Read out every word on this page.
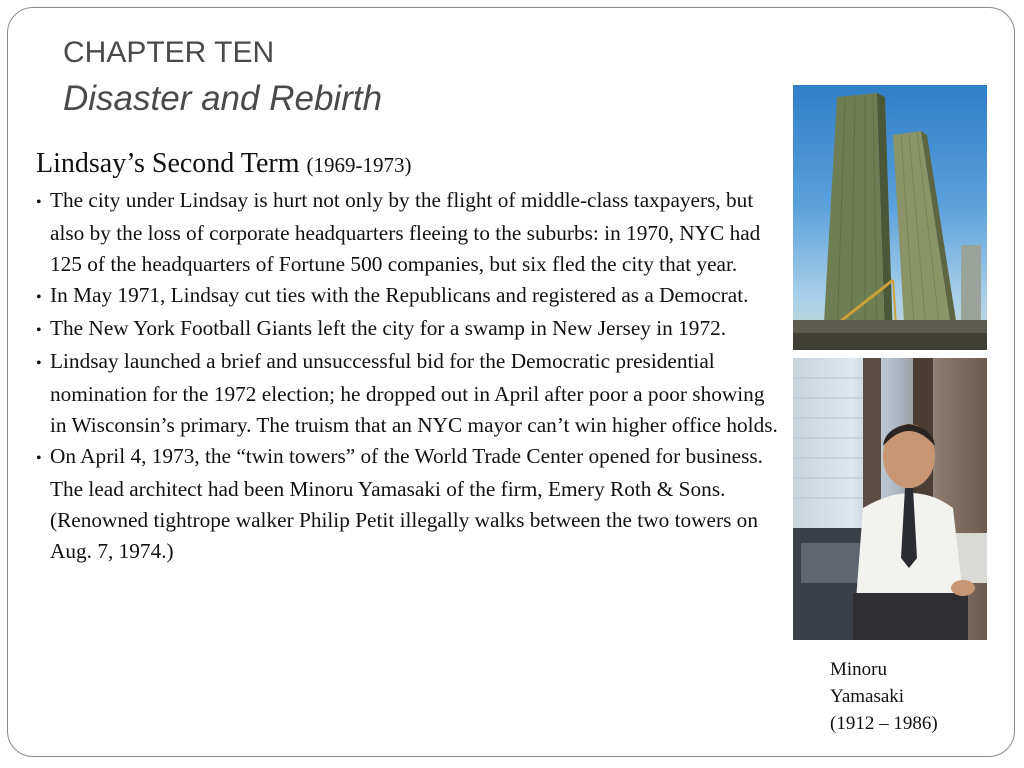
CHAPTER TEN
Disaster and Rebirth
Lindsay’s Second Term (1969-1973)
• The city under Lindsay is hurt not only by the flight of middle-class taxpayers, but also by the loss of corporate headquarters fleeing to the suburbs: in 1970, NYC had 125 of the headquarters of Fortune 500 companies, but six fled the city that year.
• In May 1971, Lindsay cut ties with the Republicans and registered as a Democrat.
• The New York Football Giants left the city for a swamp in New Jersey in 1972.
• Lindsay launched a brief and unsuccessful bid for the Democratic presidential nomination for the 1972 election; he dropped out in April after poor a poor showing in Wisconsin’s primary. The truism that an NYC mayor can’t win higher office holds.
• On April 4, 1973, the “twin towers” of the World Trade Center opened for business. The lead architect had been Minoru Yamasaki of the firm, Emery Roth & Sons. (Renowned tightrope walker Philip Petit illegally walks between the two towers on Aug. 7, 1974.)
Minoru
Yamasaki
(1912 – 1986)
